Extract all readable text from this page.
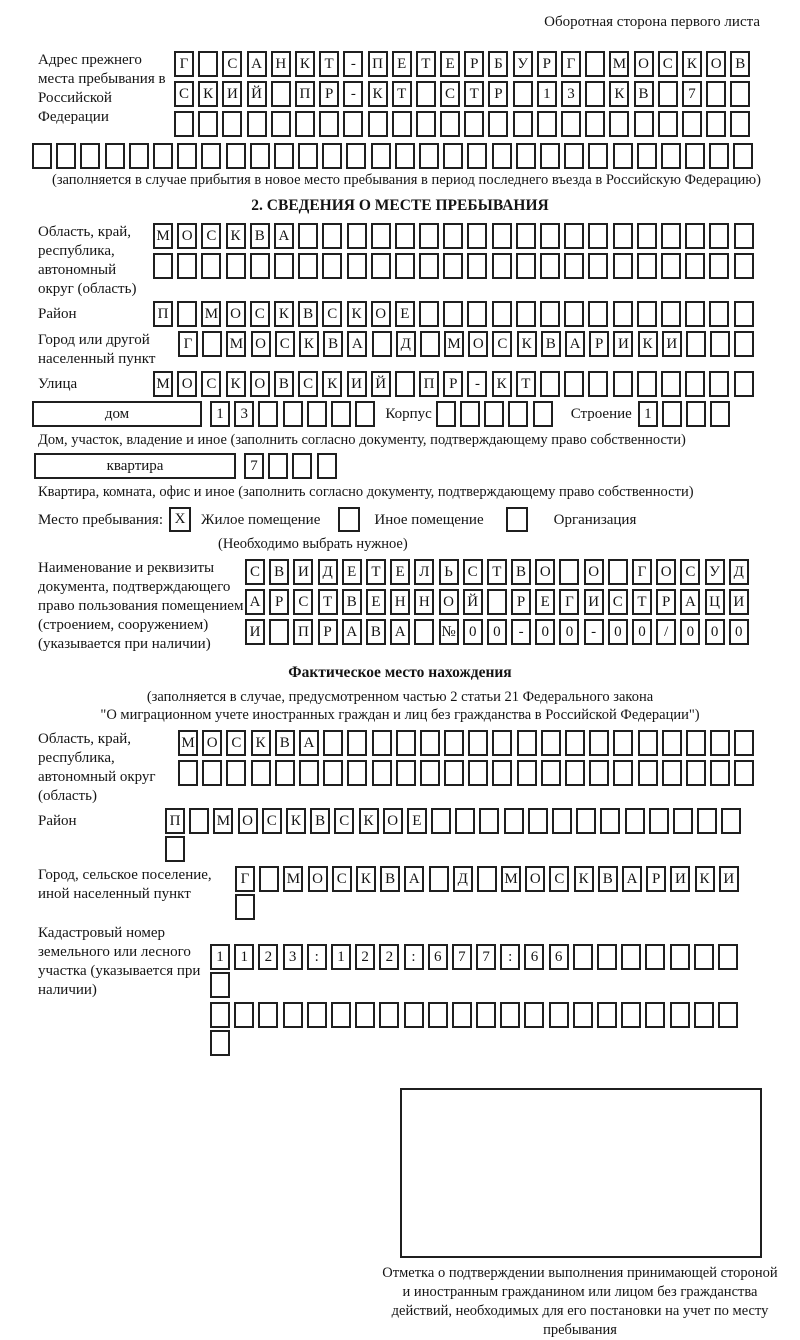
Оборотная сторона первого листа
Адрес прежнего места пребывания в Российской Федерации
Г	С А Н К Т	-	П Е	Т	Е	Р	Б У Р	Г	М О С К О В
С К И Й	П Р	-	К Т	С Т	Р	1	3	К В	7
(заполняется в случае прибытия в новое место пребывания в период последнего въезда в Российскую Федерацию)
2. СВЕДЕНИЯ О МЕСТЕ ПРЕБЫВАНИЯ
Область, край, республика, автономный округ (область)
М О С К В А
Район	П	М О С К В С К О Е
Город или другой населенный пункт
Г	М О С К В А	Д	М О С К В А Р И К И
Улица	М О С К О В С К И Й	П Р	-	К Т
дом	1	3	Корпус	Строение 1
Дом, участок, владение и иное (заполнить согласно документу, подтверждающему право собственности)
квартира	7
Квартира, комната, офис и иное (заполнить согласно документу, подтверждающему право собственности)
Место пребывания: X	Жилое помещение	Иное помещение	Организация
(Необходимо выбрать нужное)
Наименование и реквизиты документа, подтверждающего право пользования помещением (строением, сооружением) (указывается при наличии)
С В И Д Е	Т	Е Л Ь С Т В О	О	Г О С У Д
А Р	С Т В Е Н Н О Й	Р	Е	Г И С Т	Р А Ц И
И	П Р А В А	№ 0	0	-	0	0	-	0	0	/	0	0	0
Фактическое место нахождения
(заполняется в случае, предусмотренном частью 2 статьи 21 Федерального закона
"О миграционном учете иностранных граждан и лиц без гражданства в Российской Федерации")
Область, край, республика, автономный округ (область)
М О С К В А
Район	П	М О С К В С К О Е
Город, сельское поселение, иной населенный пункт
Г	М О С К В А	Д	М О С К В А Р И К И
Кадастровый номер земельного или лесного участка (указывается при наличии)
1	1	2	3	:	1	2	2	:	6	7	7	:	6	6
Отметка о подтверждении выполнения принимающей стороной и иностранным гражданином или лицом без гражданства действий, необходимых для его постановки на учет по месту пребывания
